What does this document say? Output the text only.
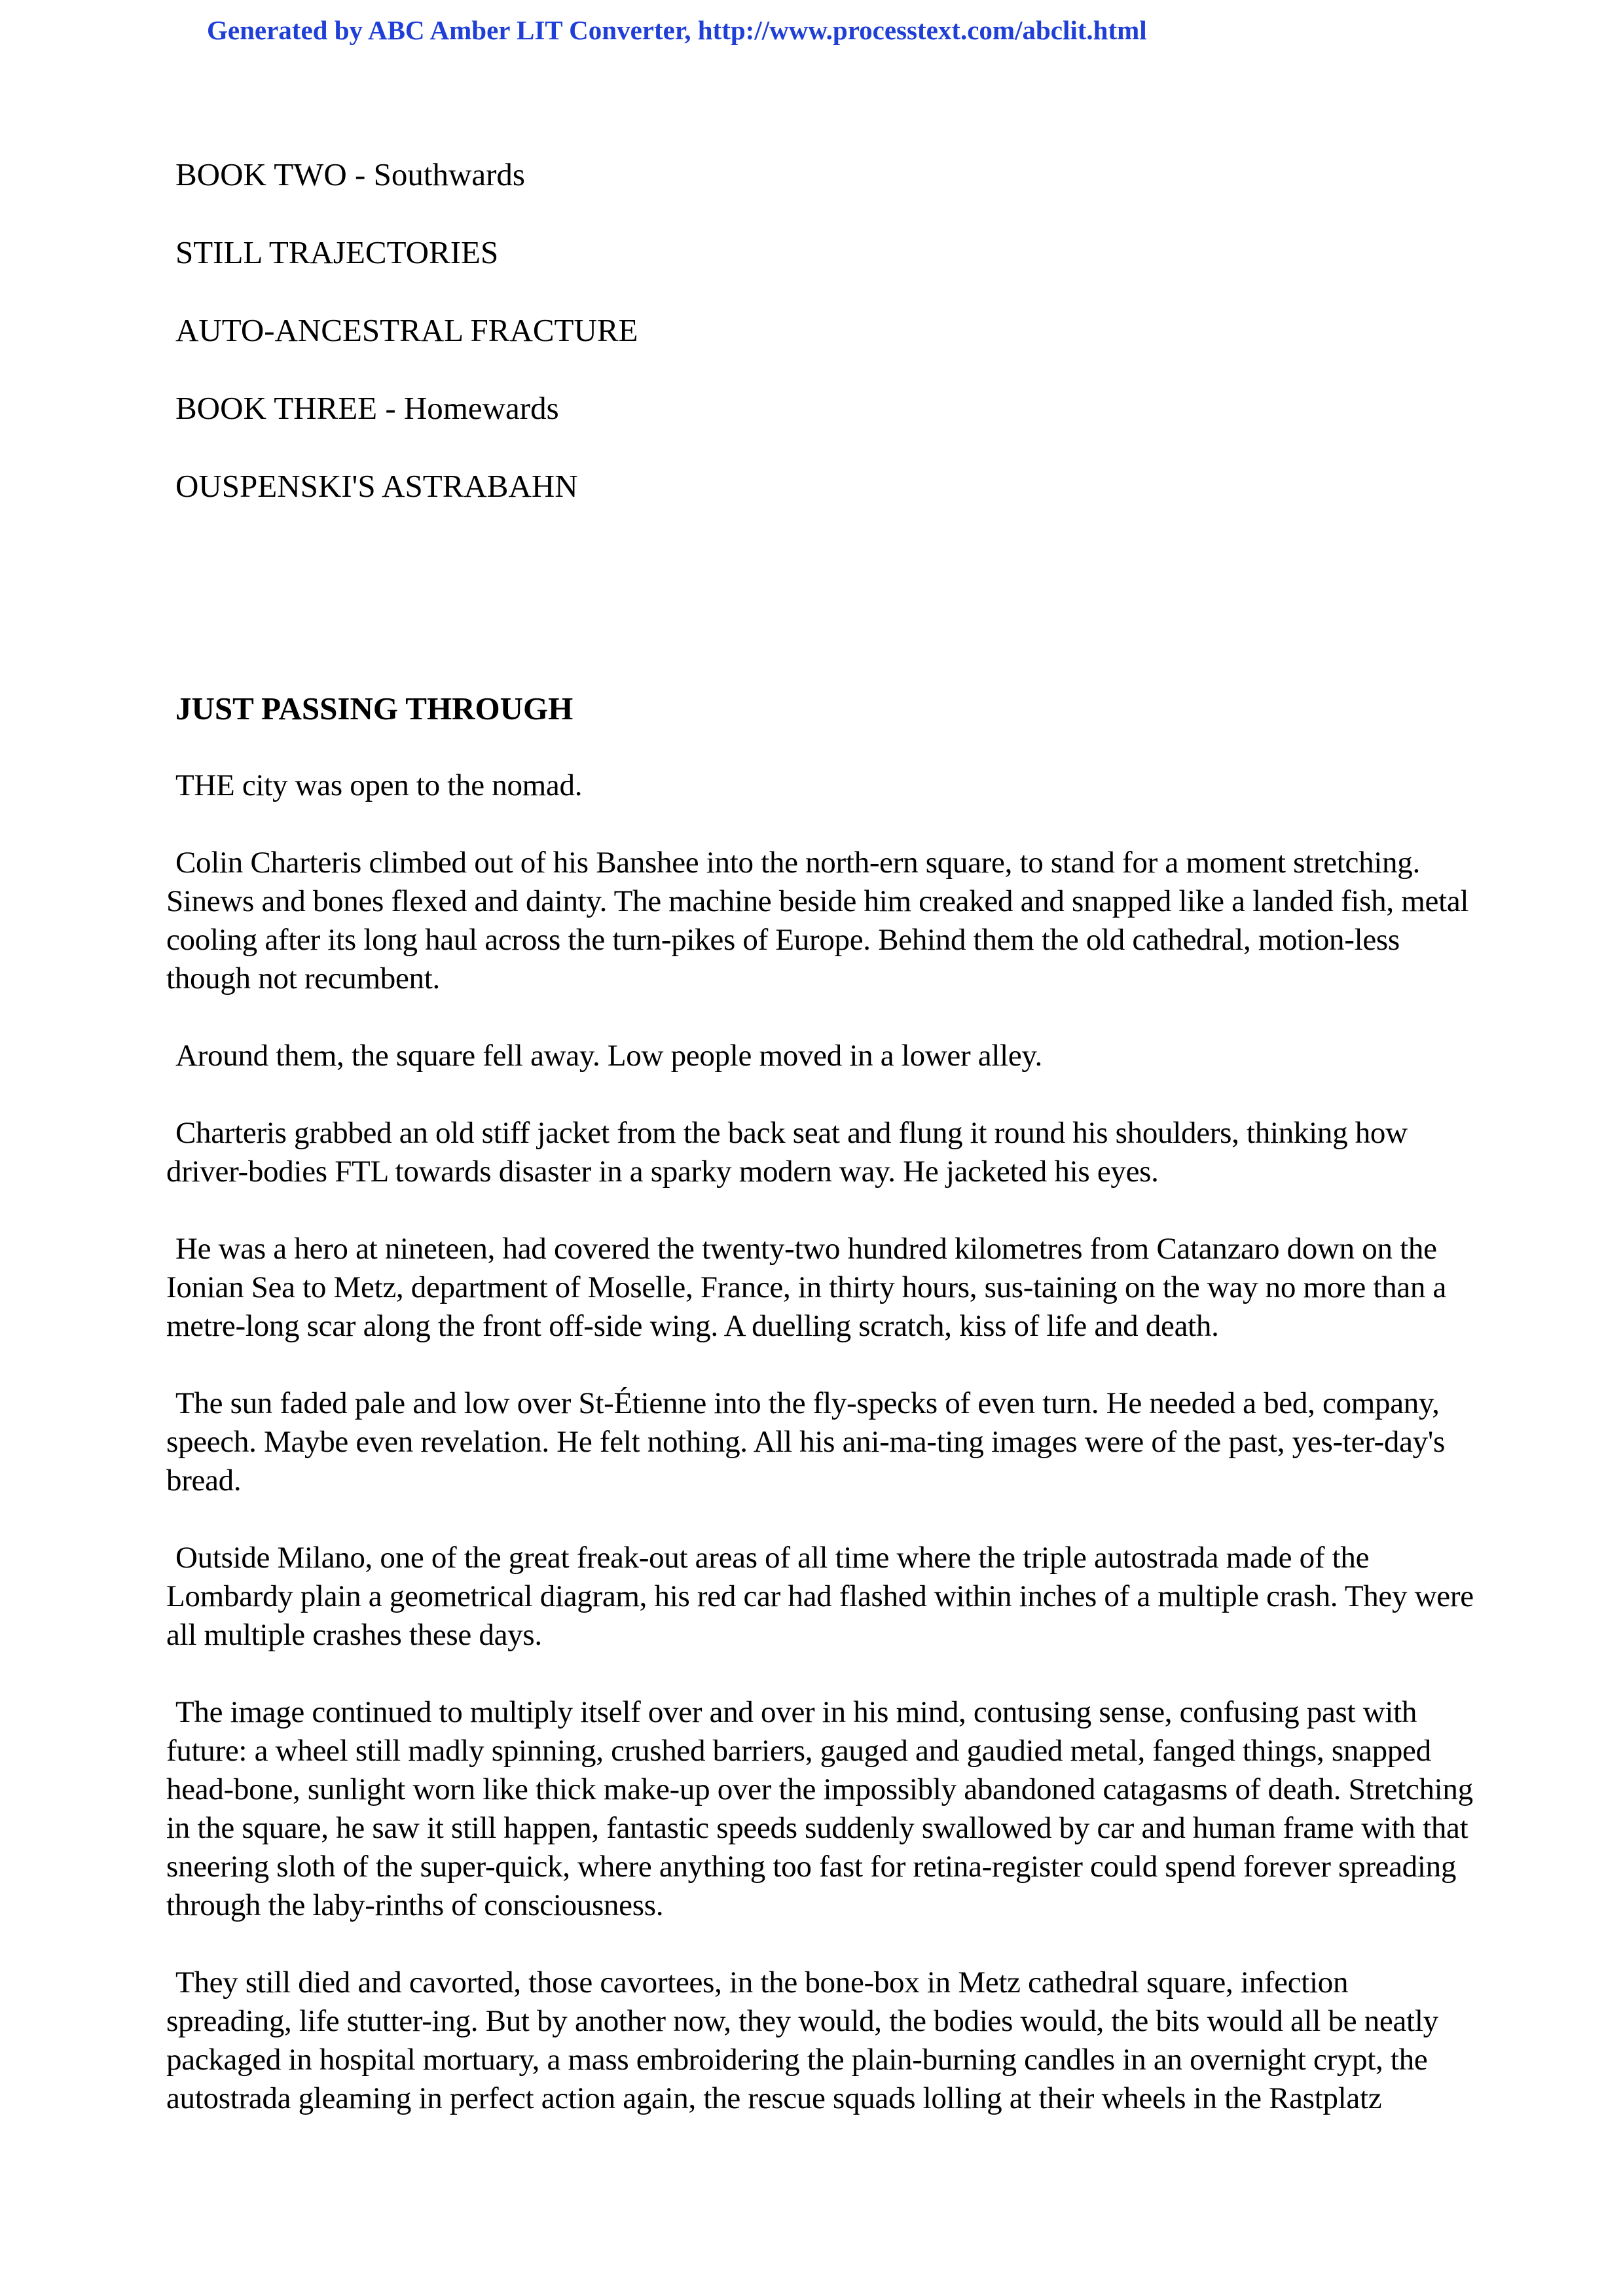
Generated by ABC Amber LIT Converter, http://www.processtext.com/abclit.html
BOOK TWO - Southwards
STILL TRAJECTORIES
AUTO-ANCESTRAL FRACTURE
BOOK THREE - Homewards
OUSPENSKI'S ASTRABAHN
JUST PASSING THROUGH

THE city was open to the nomad.

Colin Charteris climbed out of his Banshee into the north-ern square, to stand for a moment stretching. Sinews and bones flexed and dainty. The machine beside him creaked and snapped like a landed fish, metal cooling after its long haul across the turn-pikes of Europe. Behind them the old cathedral, motion-less though not recumbent.

Around them, the square fell away. Low people moved in a lower alley.

Charteris grabbed an old stiff jacket from the back seat and flung it round his shoulders, thinking how driver-bodies FTL towards disaster in a sparky modern way. He jacketed his eyes.

He was a hero at nineteen, had covered the twenty-two hundred kilometres from Catanzaro down on the Ionian Sea to Metz, department of Moselle, France, in thirty hours, sus-taining on the way no more than a metre-long scar along the front off-side wing. A duelling scratch, kiss of life and death.

The sun faded pale and low over St-Étienne into the fly-specks of even turn. He needed a bed, company, speech. Maybe even revelation. He felt nothing. All his ani-ma-ting images were of the past, yes-ter-day's bread.

Outside Milano, one of the great freak-out areas of all time where the triple autostrada made of the Lombardy plain a geometrical diagram, his red car had flashed within inches of a multiple crash. They were all multiple crashes these days.

The image continued to multiply itself over and over in his mind, contusing sense, confusing past with future: a wheel still madly spinning, crushed barriers, gauged and gaudied metal, fanged things, snapped head-bone, sunlight worn like thick make-up over the impossibly abandoned catagasms of death. Stretching in the square, he saw it still happen, fantastic speeds suddenly swallowed by car and human frame with that sneering sloth of the super-quick, where anything too fast for retina-register could spend forever spreading through the laby-rinths of consciousness.

They still died and cavorted, those cavortees, in the bone-box in Metz cathedral square, infection spreading, life stutter-ing. But by another now, they would, the bodies would, the bits would all be neatly packaged in hospital mortuary, a mass embroidering the plain-burning candles in an overnight crypt, the autostrada gleaming in perfect action again, the rescue squads lolling at their wheels in the Rastplatz
